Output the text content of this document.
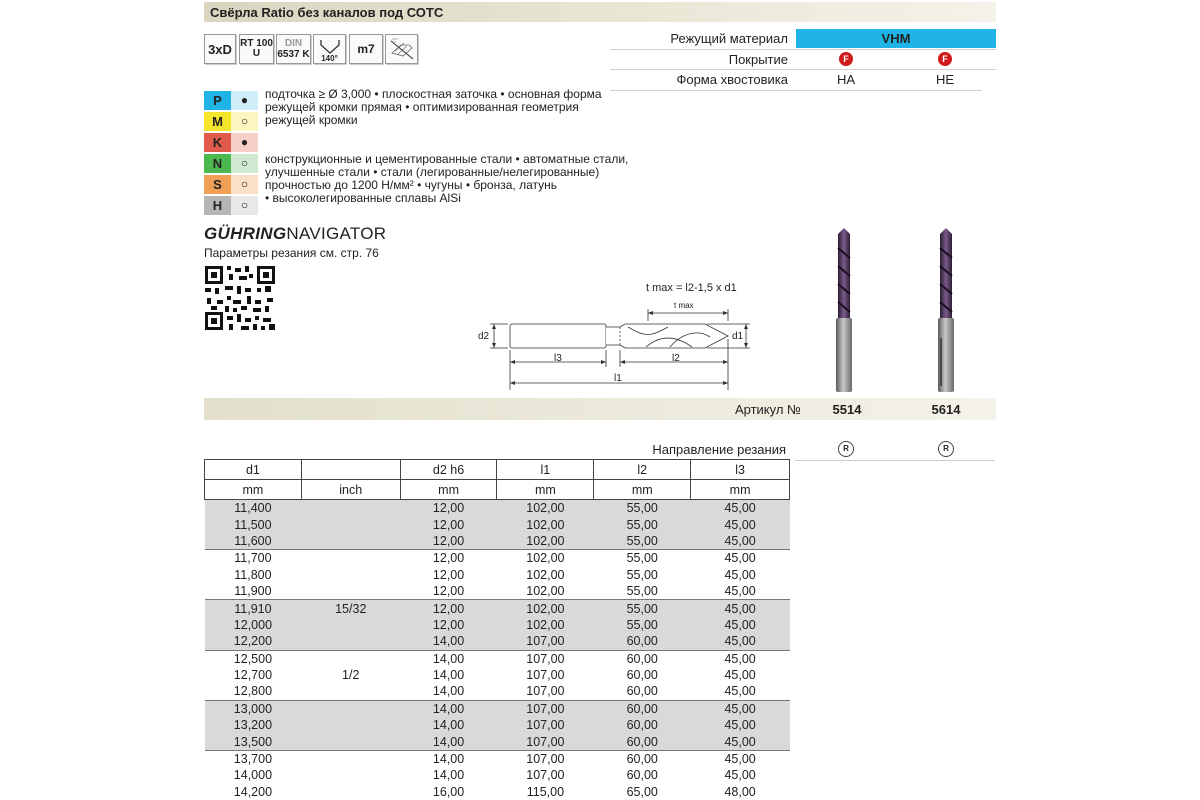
Свёрла Ratio без каналов под СОТС
3xD RT 100
U
DIN
6537 K 140°
m7
Режущий материал	VHM
Покрытие	F	F
Форма хвостовика	HA	HE
P	●
M	○
K	●
N	○
S	○
H	○
подточка ≥ Ø 3,000 • плоскостная заточка • основная форма
режущей кромки прямая • оптимизированная геометрия
режущей кромки
конструкционные и цементированные стали • автоматные стали,
улучшенные стали • стали (легированные/нелегированные)
прочностью до 1200 Н/мм² • чугуны • бронза, латунь
• высоколегированные сплавы AlSi
GÜHRINGNAVIGATOR
Параметры резания см. стр. 76
t max = l2-1,5 x d1
t max
d2	d1
l3	l2
l1
Артикул №	5514	5614
Направление резания	R	R
d1		d2 h6	l1	l2	l3
mm	inch	mm	mm	mm	mm
11,400		12,00	102,00	55,00	45,00
11,500		12,00	102,00	55,00	45,00
11,600		12,00	102,00	55,00	45,00
11,700		12,00	102,00	55,00	45,00
11,800		12,00	102,00	55,00	45,00
11,900		12,00	102,00	55,00	45,00
11,910	15/32	12,00	102,00	55,00	45,00
12,000		12,00	102,00	55,00	45,00
12,200		14,00	107,00	60,00	45,00
12,500		14,00	107,00	60,00	45,00
12,700	1/2	14,00	107,00	60,00	45,00
12,800		14,00	107,00	60,00	45,00
13,000		14,00	107,00	60,00	45,00
13,200		14,00	107,00	60,00	45,00
13,500		14,00	107,00	60,00	45,00
13,700		14,00	107,00	60,00	45,00
14,000		14,00	107,00	60,00	45,00
14,200		16,00	115,00	65,00	48,00
